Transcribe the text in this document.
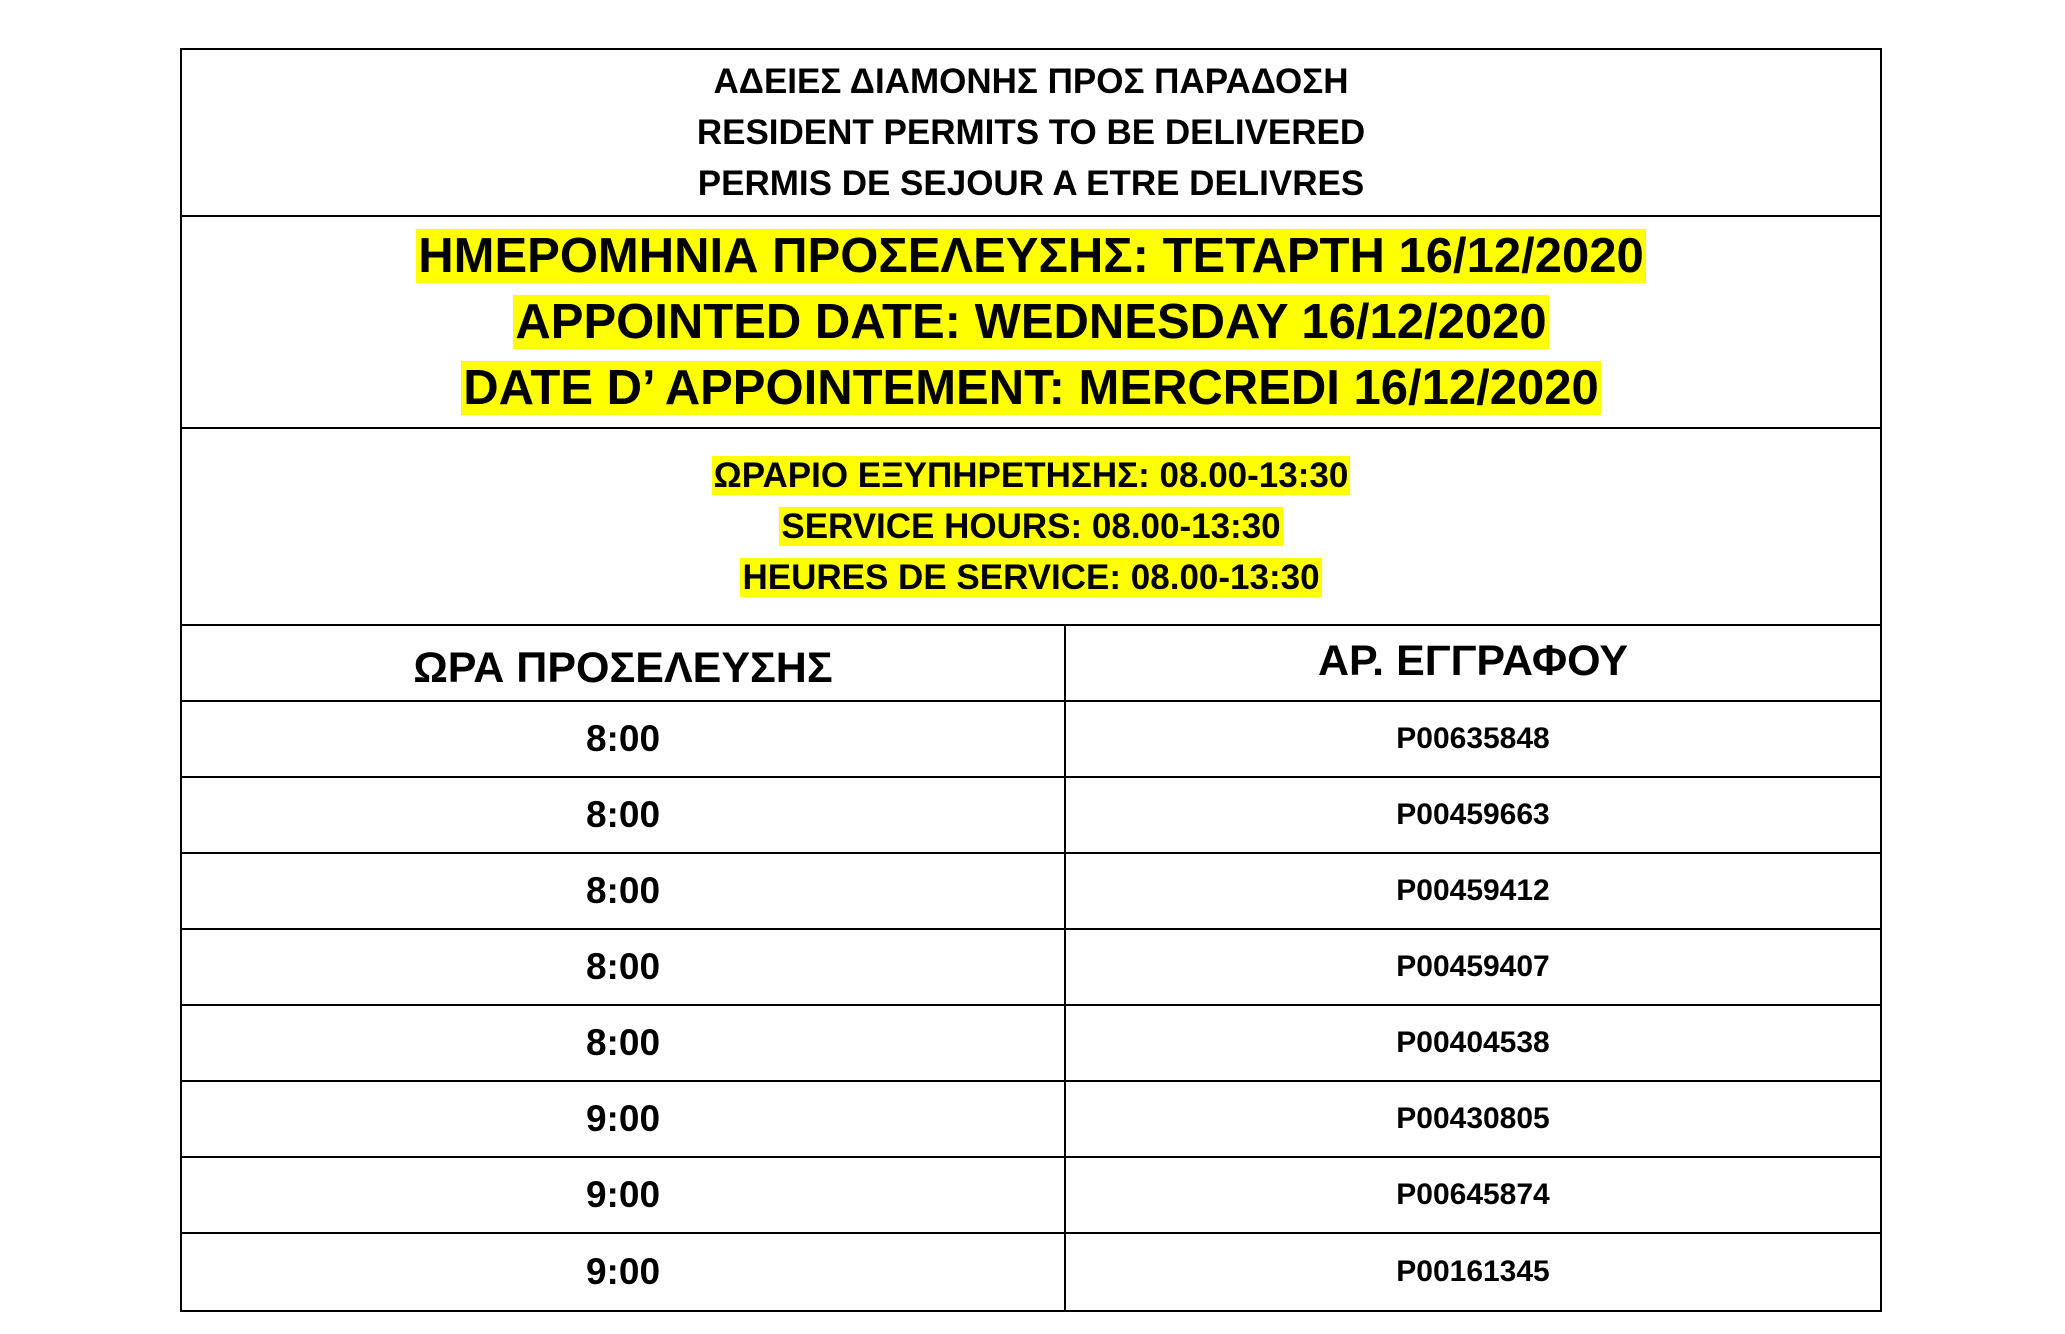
ΑΔΕΙΕΣ ΔΙΑΜΟΝΗΣ ΠΡΟΣ ΠΑΡΑΔΟΣΗ
RESIDENT PERMITS TO BE DELIVERED
PERMIS DE SEJOUR A ETRE DELIVRES
ΗΜΕΡΟΜΗΝΙΑ ΠΡΟΣΕΛΕΥΣΗΣ: ΤΕΤΑΡΤΗ 16/12/2020
APPOINTED DATE: WEDNESDAY 16/12/2020
DATE D’ APPOINTEMENT: MERCREDI 16/12/2020
ΩΡΑΡΙΟ ΕΞΥΠΗΡΕΤΗΣΗΣ: 08.00-13:30
SERVICE HOURS: 08.00-13:30
HEURES DE SERVICE: 08.00-13:30
ΩΡΑ ΠΡΟΣΕΛΕΥΣΗΣ	ΑΡ. ΕΓΓΡΑΦΟΥ
8:00	P00635848
8:00	P00459663
8:00	P00459412
8:00	P00459407
8:00	P00404538
9:00	P00430805
9:00	P00645874
9:00	P00161345
